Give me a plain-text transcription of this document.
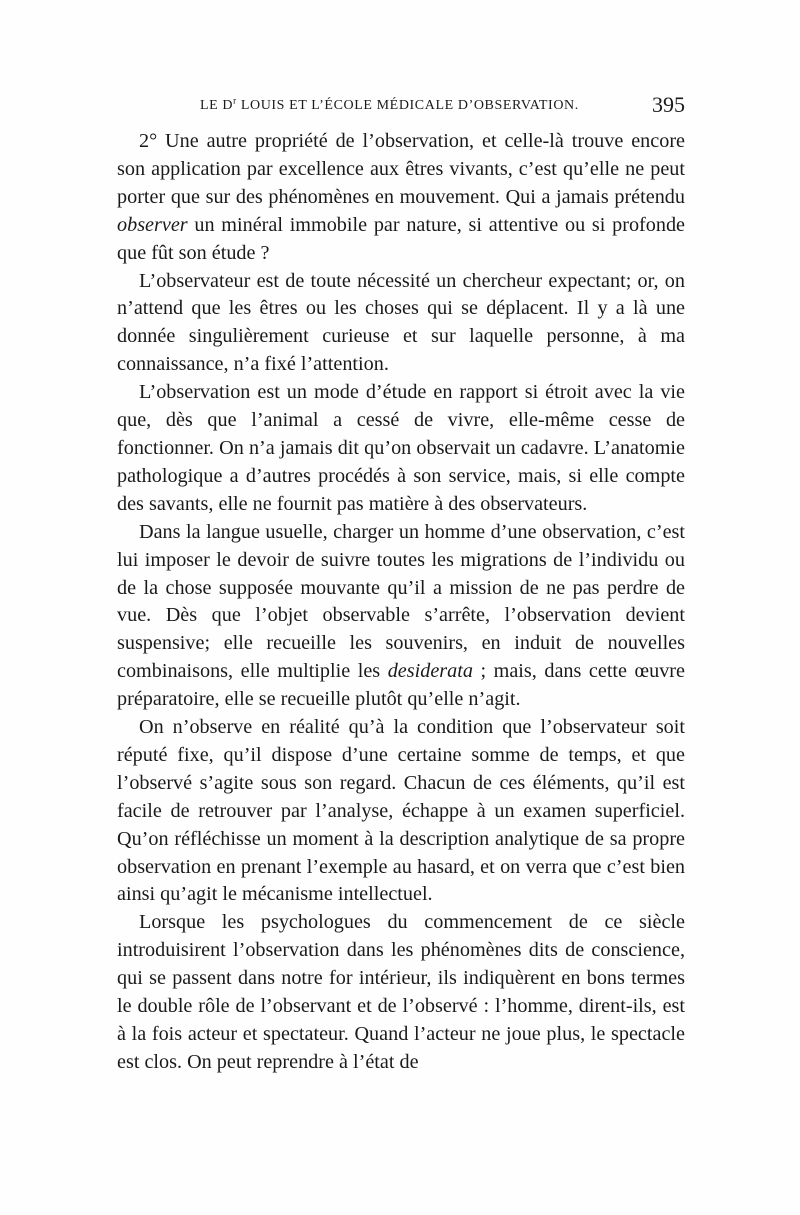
LE $D^r$ LOUIS ET L’ÉCOLE MÉDICALE D’OBSERVATION.	395

2° Une autre propriété de l’observation, et celle-là trouve encore son application par excellence aux êtres vivants, c’est qu’elle ne peut porter que sur des phénomènes en mouvement. Qui a jamais prétendu observer un minéral immobile par nature, si attentive ou si profonde que fût son étude ?

L’observateur est de toute nécessité un chercheur expectant; or, on n’attend que les êtres ou les choses qui se déplacent. Il y a là une donnée singulièrement curieuse et sur laquelle personne, à ma connaissance, n’a fixé l’attention.

L’observation est un mode d’étude en rapport si étroit avec la vie que, dès que l’animal a cessé de vivre, elle-même cesse de fonctionner. On n’a jamais dit qu’on observait un cadavre. L’anatomie pathologique a d’autres procédés à son service, mais, si elle compte des savants, elle ne fournit pas matière à des observateurs.

Dans la langue usuelle, charger un homme d’une observation, c’est lui imposer le devoir de suivre toutes les migrations de l’individu ou de la chose supposée mouvante qu’il a mission de ne pas perdre de vue. Dès que l’objet observable s’arrête, l’observation devient suspensive; elle recueille les souvenirs, en induit de nouvelles combinaisons, elle multiplie les desiderata ; mais, dans cette œuvre préparatoire, elle se recueille plutôt qu’elle n’agit.

On n’observe en réalité qu’à la condition que l’observateur soit réputé fixe, qu’il dispose d’une certaine somme de temps, et que l’observé s’agite sous son regard. Chacun de ces éléments, qu’il est facile de retrouver par l’analyse, échappe à un examen superficiel. Qu’on réfléchisse un moment à la description analytique de sa propre observation en prenant l’exemple au hasard, et on verra que c’est bien ainsi qu’agit le mécanisme intellectuel.

Lorsque les psychologues du commencement de ce siècle introduisirent l’observation dans les phénomènes dits de conscience, qui se passent dans notre for intérieur, ils indiquèrent en bons termes le double rôle de l’observant et de l’observé : l’homme, dirent-ils, est à la fois acteur et spectateur. Quand l’acteur ne joue plus, le spectacle est clos. On peut reprendre à l’état de
